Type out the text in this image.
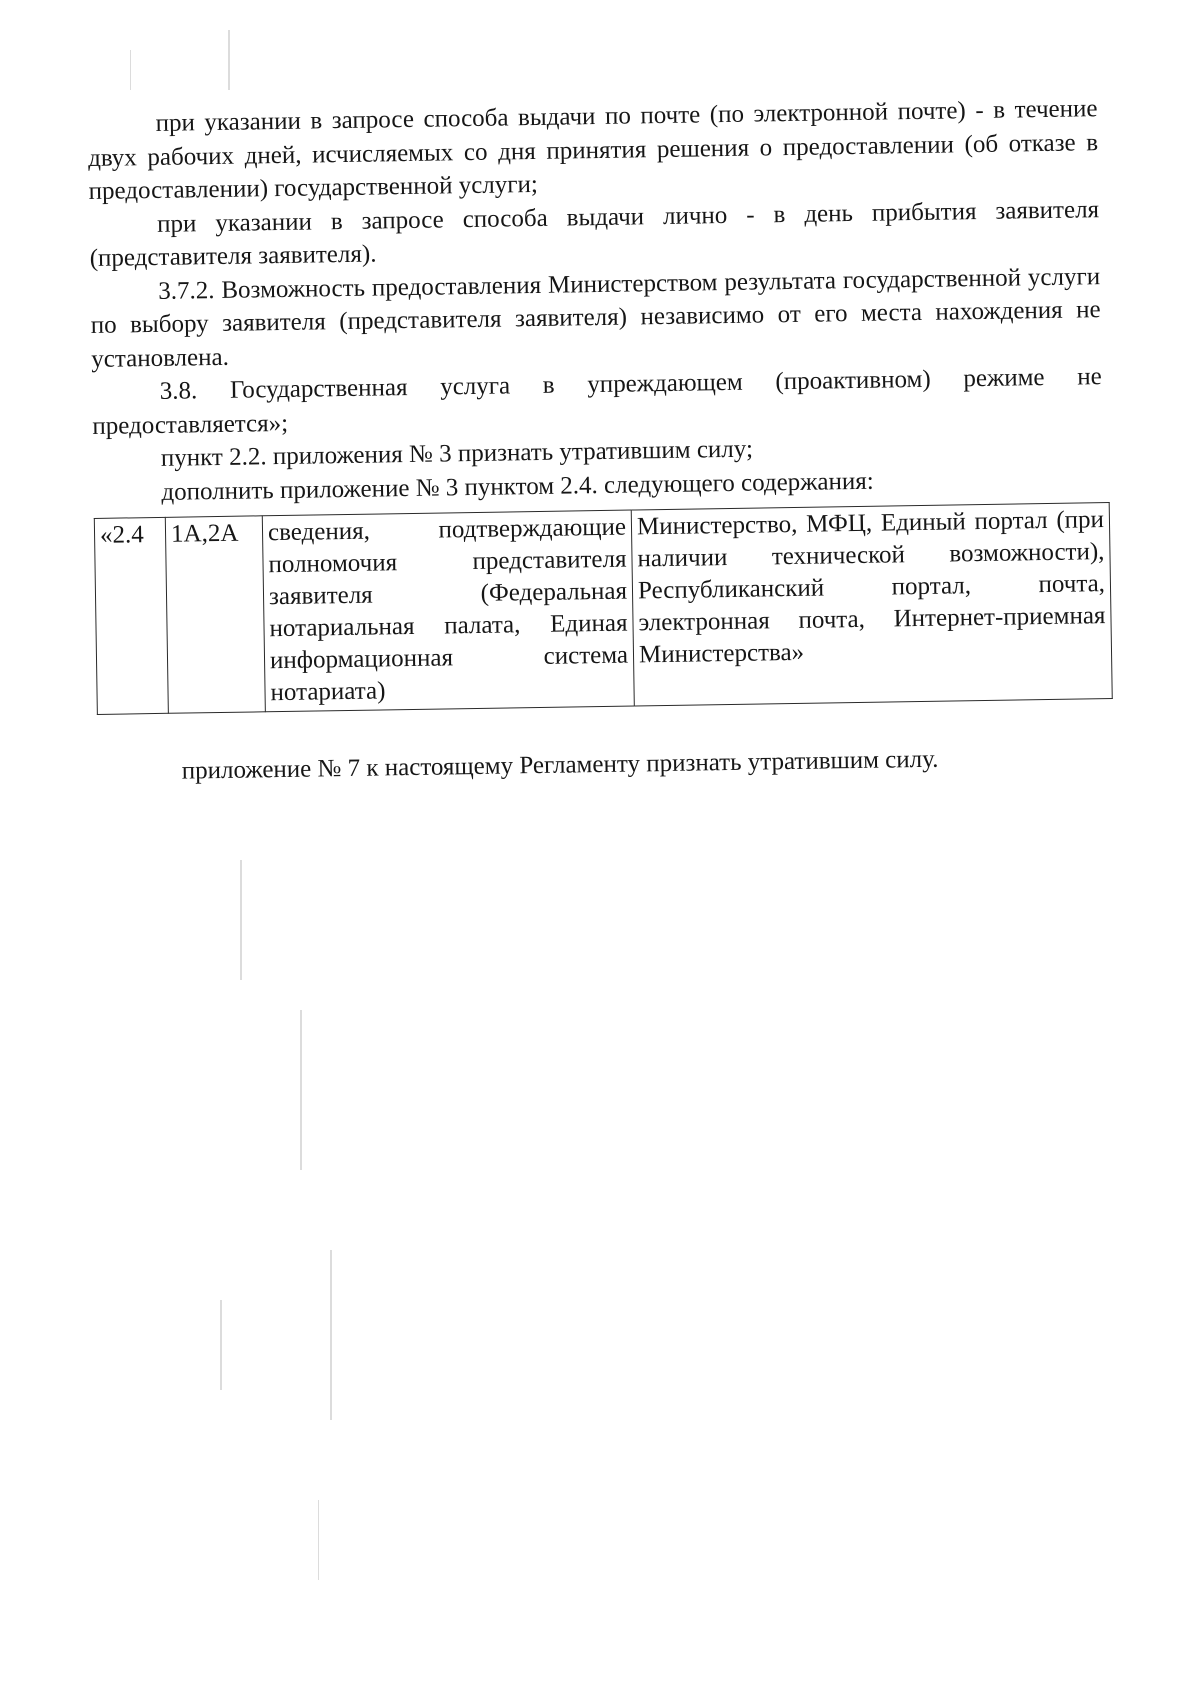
при указании в запросе способа выдачи по почте (по электронной почте) - в течение двух рабочих дней, исчисляемых со дня принятия решения о предоставлении (об отказе в предоставлении) государственной услуги;

при указании в запросе способа выдачи лично - в день прибытия заявителя (представителя заявителя).

3.7.2. Возможность предоставления Министерством результата государственной услуги по выбору заявителя (представителя заявителя) независимо от его места нахождения не установлена.

3.8. Государственная услуга в упреждающем (проактивном) режиме не предоставляется»;

пункт 2.2. приложения № 3 признать утратившим силу;

дополнить приложение № 3 пунктом 2.4. следующего содержания:

«2.4	1А,2А	сведения, подтверждающие полномочия представителя заявителя (Федеральная нотариальная палата, Единая информационная система нотариата)	Министерство, МФЦ, Единый портал (при наличии технической возможности), Республиканский портал, почта, электронная почта, Интернет-приемная Министерства»
приложение № 7 к настоящему Регламенту признать утратившим силу.
